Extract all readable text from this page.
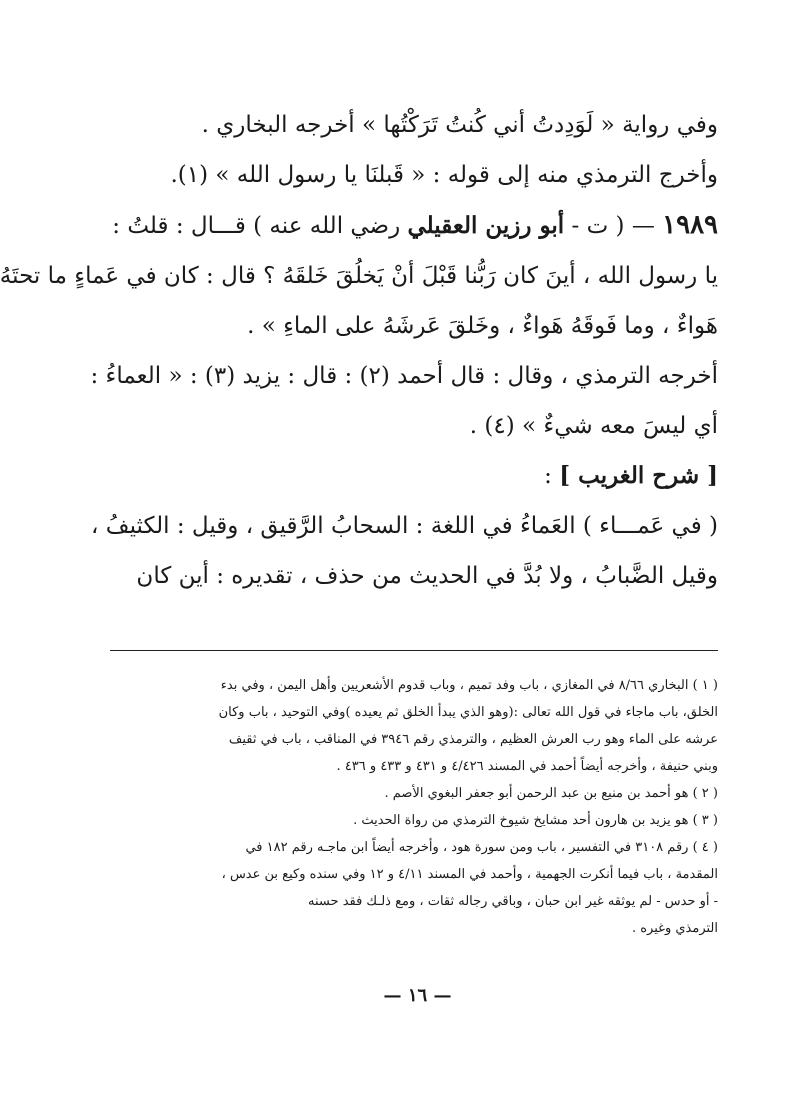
وفي رواية « لَوَدِدتُ أني كُنتُ تَرَكْتُها » أخرجه البخاري .
وأخرج الترمذي منه إلى قوله : « قَبلنَا يا رسول الله » (١).
١٩٨٩ — ( ت - أبو رزين العقيلي رضي الله عنه ) قـــال : قلتُ :
يا رسول الله ، أينَ كان رَبُّنا قَبْلَ أنْ يَخلُقَ خَلقَهُ ؟ قال : كان في عَماءٍ ما تحتَهُ
هَواءٌ ، وما فَوقَهُ هَواءٌ ، وخَلقَ عَرشَهُ على الماءِ » .
أخرجه الترمذي ، وقال : قال أحمد (٢) : قال : يزيد (٣) : « العماءُ :
أي ليسَ معه شيءٌ » (٤) .
[ شرح الغريب ] :
( في عَمـــاء ) العَماءُ في اللغة : السحابُ الرَّقيق ، وقيل : الكثيفُ ،
وقيل الضَّبابُ ، ولا بُدَّ في الحديث من حذف ، تقديره : أين كان
( ١ ) البخاري ٨/٦٦ في المغازي ، باب وفد تميم ، وباب قدوم الأشعريين وأهل اليمن ، وفي بدء
الخلق، باب ماجاء في قول الله تعالى :(وهو الذي يبدأ الخلق ثم يعيده )وفي التوحيد ، باب وكان
عرشه على الماء وهو رب العرش العظيم ، والترمذي رقم ٣٩٤٦ في المناقب ، باب في ثقيف
وبني حنيفة ، وأخرجه أيضاً أحمد في المسند ٤/٤٢٦ و ٤٣١ و ٤٣٣ و ٤٣٦ .
( ٢ ) هو أحمد بن منيع بن عبد الرحمن أبو جعفر البغوي الأصم .
( ٣ ) هو يزيد بن هارون أحد مشايخ شيوخ الترمذي من رواة الحديث .
( ٤ ) رقم ٣١٠٨ في التفسير ، باب ومن سورة هود ، وأخرجه أيضاً ابن ماجـه رقم ١٨٢ في
المقدمة ، باب فيما أنكرت الجهمية ، وأحمد في المسند ٤/١١ و ١٢ وفي سنده وكيع بن عدس ،
- أو حدس - لم يوثقه غير ابن حبان ، وباقي رجاله ثقات ، ومع ذلـك فقد حسنه
الترمذي وغيره .
— ١٦ —
